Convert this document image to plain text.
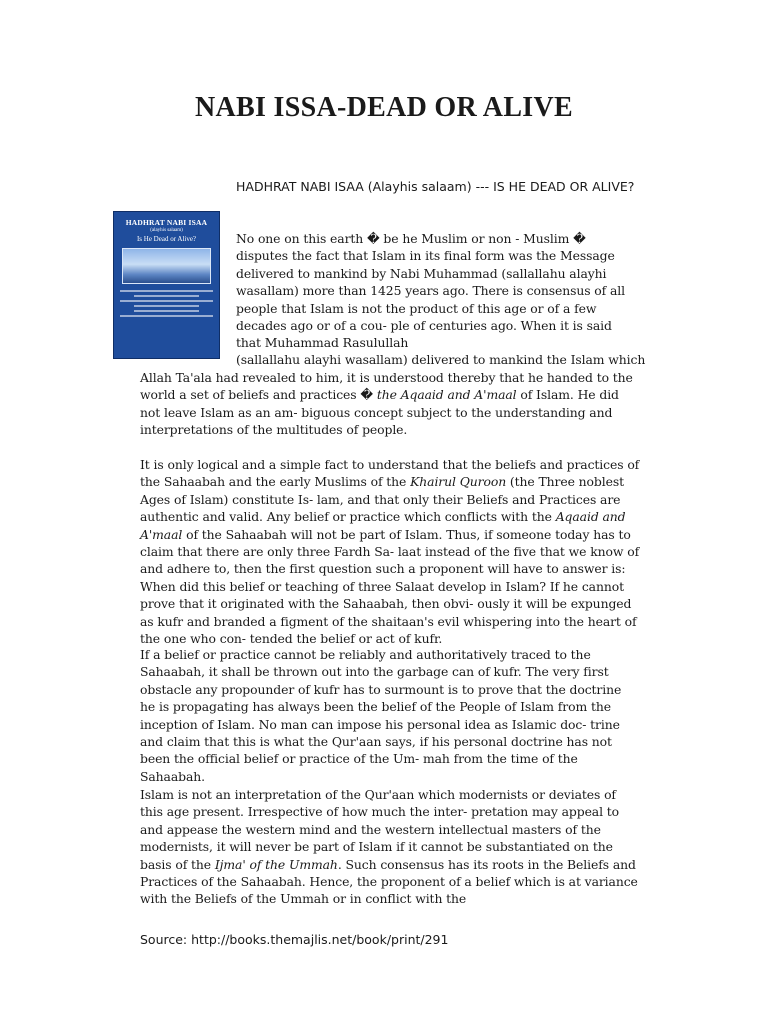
NABI ISSA-DEAD OR ALIVE

HADHRAT NABI ISAA (Alayhis salaam) --- IS HE DEAD OR ALIVE?

HADHRAT NABI ISAA
(alayhis salaam)
Is He Dead or Alive?	No one on this earth � be he Muslim or non - Muslim � disputes the fact that Islam in its final form was the Message delivered to mankind by Nabi Muhammad (sallallahu alayhi wasallam) more than 1425 years ago. There is consensus of all people that Islam is not the product of this age or of a few decades ago or of a cou- ple of centuries ago. When it is said that Muhammad Rasulullah

(sallallahu alayhi wasallam) delivered to mankind the Islam which

Allah Ta'ala had revealed to him, it is understood thereby that he handed to the world a set of beliefs and practices � the Aqaaid and A'maal of Islam. He did not leave Islam as an am- biguous concept subject to the understanding and interpretations of the multitudes of people.

It is only logical and a simple fact to understand that the beliefs and practices of the Sahaabah and the early Muslims of the Khairul Quroon (the Three noblest Ages of Islam) constitute Is- lam, and that only their Beliefs and Practices are authentic and valid. Any belief or practice which conflicts with the Aqaaid and A'maal of the Sahaabah will not be part of Islam. Thus, if someone today has to claim that there are only three Fardh Sa- laat instead of the five that we know of and adhere to, then the first question such a proponent will have to answer is: When did this belief or teaching of three Salaat develop in Islam? If he cannot prove that it originated with the Sahaabah, then obvi- ously it will be expunged as kufr and branded a figment of the shaitaan's evil whispering into the heart of the one who con- tended the belief or act of kufr.

If a belief or practice cannot be reliably and authoritatively traced to the Sahaabah, it shall be thrown out into the garbage can of kufr. The very first obstacle any propounder of kufr has to surmount is to prove that the doctrine he is propagating has always been the belief of the People of Islam from the inception of Islam. No man can impose his personal idea as Islamic doc- trine and claim that this is what the Qur'aan says, if his personal doctrine has not been the official belief or practice of the Um- mah from the time of the Sahaabah.

Islam is not an interpretation of the Qur'aan which modernists or deviates of this age present. Irrespective of how much the inter- pretation may appeal to and appease the western mind and the western intellectual masters of the modernists, it will never be part of Islam if it cannot be substantiated on the basis of the Ijma' of the Ummah. Such consensus has its roots in the Beliefs and Practices of the Sahaabah. Hence, the proponent of a belief which is at variance with the Beliefs of the Ummah or in conflict with the

Source: http://books.themajlis.net/book/print/291
